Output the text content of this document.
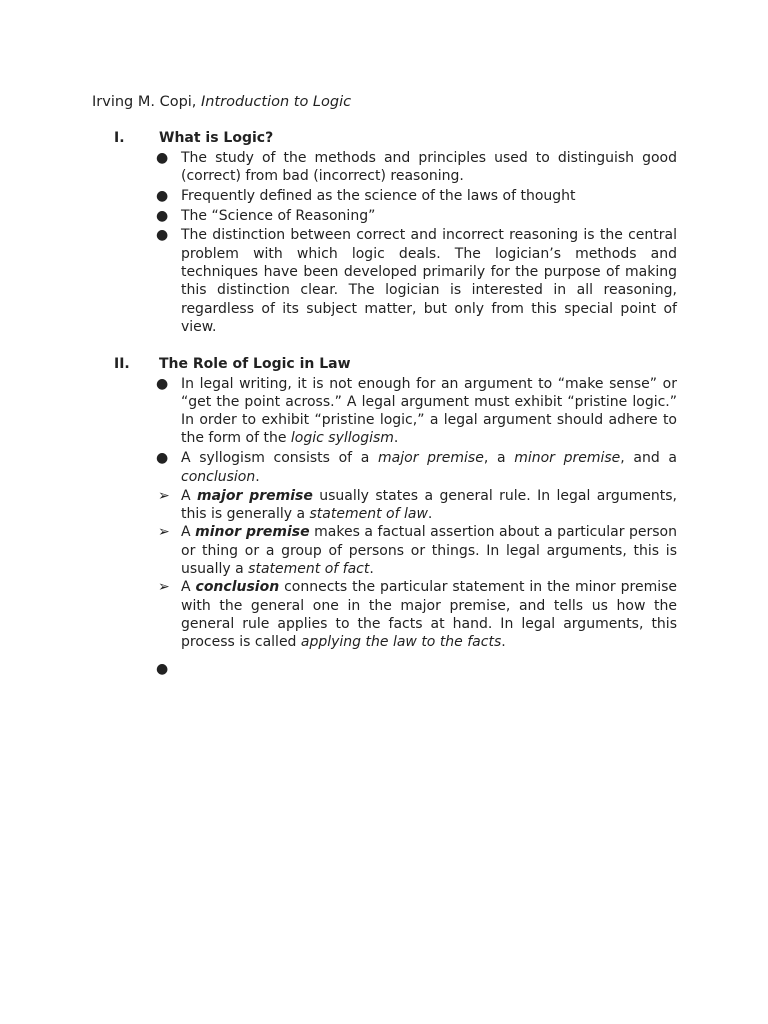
Irving M. Copi, Introduction to Logic
I. What is Logic?
● The study of the methods and principles used to distinguish good (correct) from bad (incorrect) reasoning.
● Frequently defined as the science of the laws of thought
● The “Science of Reasoning”
● The distinction between correct and incorrect reasoning is the central problem with which logic deals. The logician’s methods and techniques have been developed primarily for the purpose of making this distinction clear. The logician is interested in all reasoning, regardless of its subject matter, but only from this special point of view.
II. The Role of Logic in Law
● In legal writing, it is not enough for an argument to “make sense” or “get the point across.” A legal argument must exhibit “pristine logic.” In order to exhibit “pristine logic,” a legal argument should adhere to the form of the logic syllogism.
● A syllogism consists of a major premise, a minor premise, and a conclusion.
➢ A major premise usually states a general rule. In legal arguments, this is generally a statement of law.
➢ A minor premise makes a factual assertion about a particular person or thing or a group of persons or things. In legal arguments, this is usually a statement of fact.
➢ A conclusion connects the particular statement in the minor premise with the general one in the major premise, and tells us how the general rule applies to the facts at hand. In legal arguments, this process is called applying the law to the facts.
●
